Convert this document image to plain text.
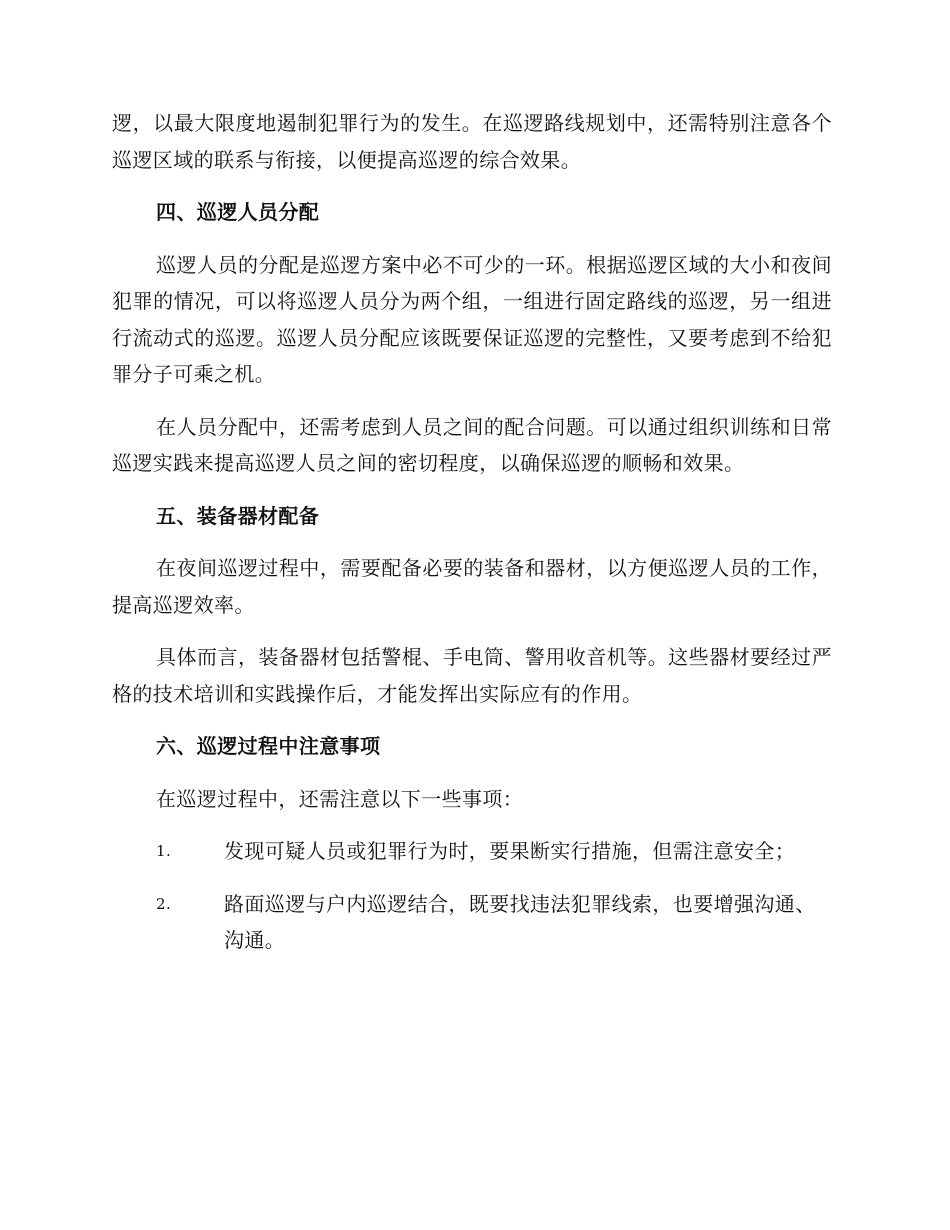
逻，以最大限度地遏制犯罪行为的发生。在巡逻路线规划中，还需特别注意各个巡逻区域的联系与衔接，以便提高巡逻的综合效果。

四、巡逻人员分配

巡逻人员的分配是巡逻方案中必不可少的一环。根据巡逻区域的大小和夜间犯罪的情况，可以将巡逻人员分为两个组，一组进行固定路线的巡逻，另一组进行流动式的巡逻。巡逻人员分配应该既要保证巡逻的完整性，又要考虑到不给犯罪分子可乘之机。

在人员分配中，还需考虑到人员之间的配合问题。可以通过组织训练和日常巡逻实践来提高巡逻人员之间的密切程度，以确保巡逻的顺畅和效果。

五、装备器材配备

在夜间巡逻过程中，需要配备必要的装备和器材，以方便巡逻人员的工作，提高巡逻效率。

具体而言，装备器材包括警棍、手电筒、警用收音机等。这些器材要经过严格的技术培训和实践操作后，才能发挥出实际应有的作用。

六、巡逻过程中注意事项

在巡逻过程中，还需注意以下一些事项：

1.	发现可疑人员或犯罪行为时，要果断实行措施，但需注意安全；

2.	路面巡逻与户内巡逻结合，既要找违法犯罪线索，也要增强沟通、沟通。
